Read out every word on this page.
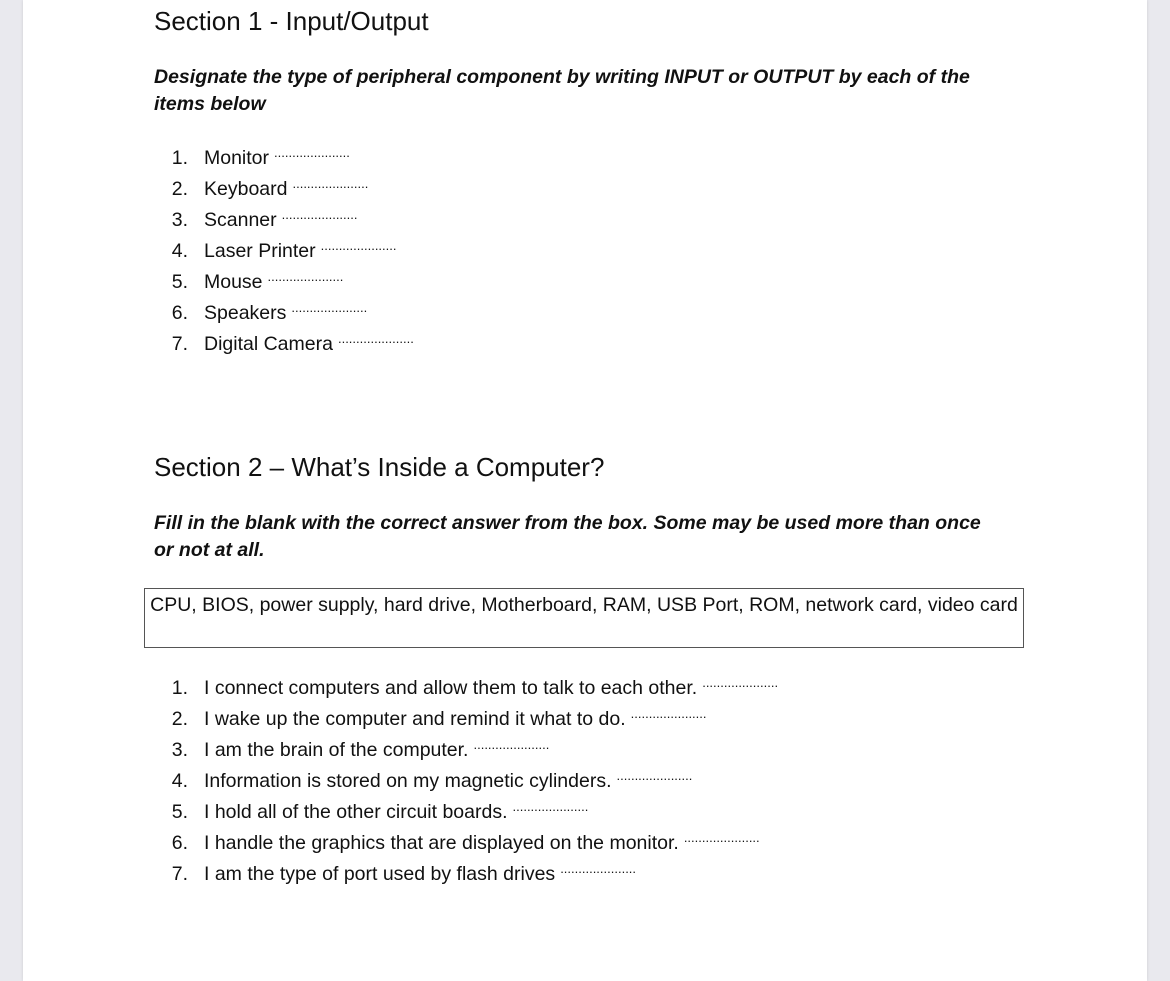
Section 1 - Input/Output

Designate the type of peripheral component by writing INPUT or OUTPUT by each of the items below

1. Monitor .....................
2. Keyboard .....................
3. Scanner .....................
4. Laser Printer .....................
5. Mouse .....................
6. Speakers .....................
7. Digital Camera .....................
Section 2 – What’s Inside a Computer?

Fill in the blank with the correct answer from the box. Some may be used more than once or not at all.

CPU, BIOS, power supply, hard drive, Motherboard, RAM, USB Port, ROM, network card, video card
1. I connect computers and allow them to talk to each other. .....................
2. I wake up the computer and remind it what to do. .....................
3. I am the brain of the computer. .....................
4. Information is stored on my magnetic cylinders. .....................
5. I hold all of the other circuit boards. .....................
6. I handle the graphics that are displayed on the monitor. .....................
7. I am the type of port used by flash drives .....................
